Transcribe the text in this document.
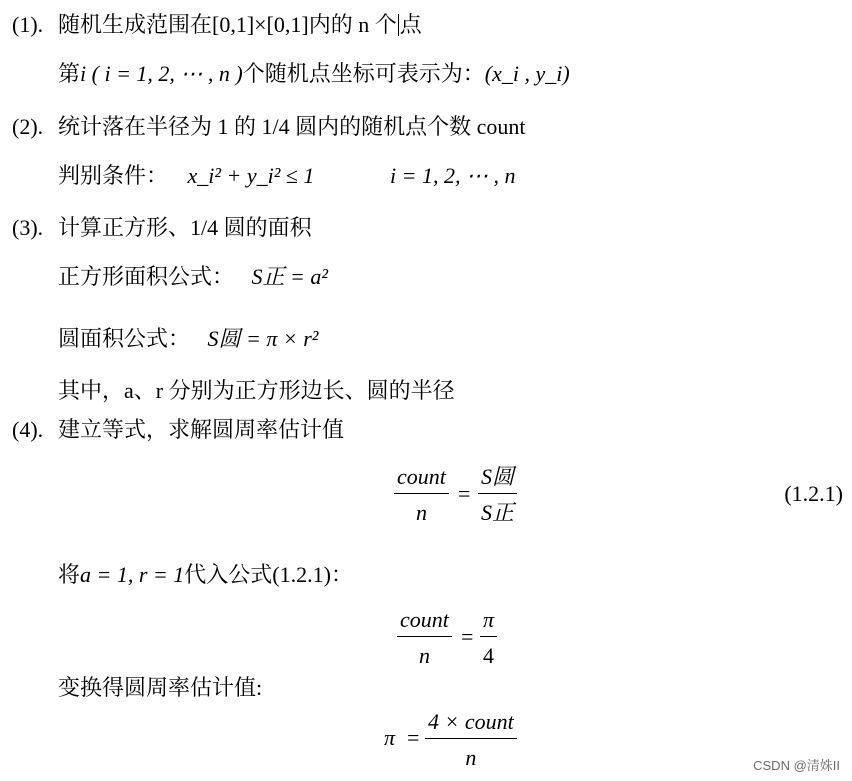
(1). 随机生成范围在[0,1]×[0,1]内的 n 个 点
第i ( i = 1, 2, ⋯ , n )个随机点坐标可表示为：(x_i , y_i)
(2). 统计落在半径为 1 的 1/4 圆内的随机点个数 count
判别条件： x_i² + y_i² ≤ 1	i = 1, 2, ⋯ , n
(3). 计算正方形、1/4 圆的面积
正方形面积公式： S正 = a²
圆面积公式： S圆 = π × r²
其中，a、r 分别为正方形边长、圆的半径
(4). 建立等式，求解圆周率估计值
count
n
=
S圆
S正
(1.2.1)
将a = 1, r = 1代入公式(1.2.1)：
count
n
=
π
4
变换得圆周率估计值:
π =
4 × count
n	CSDN @清姝II
